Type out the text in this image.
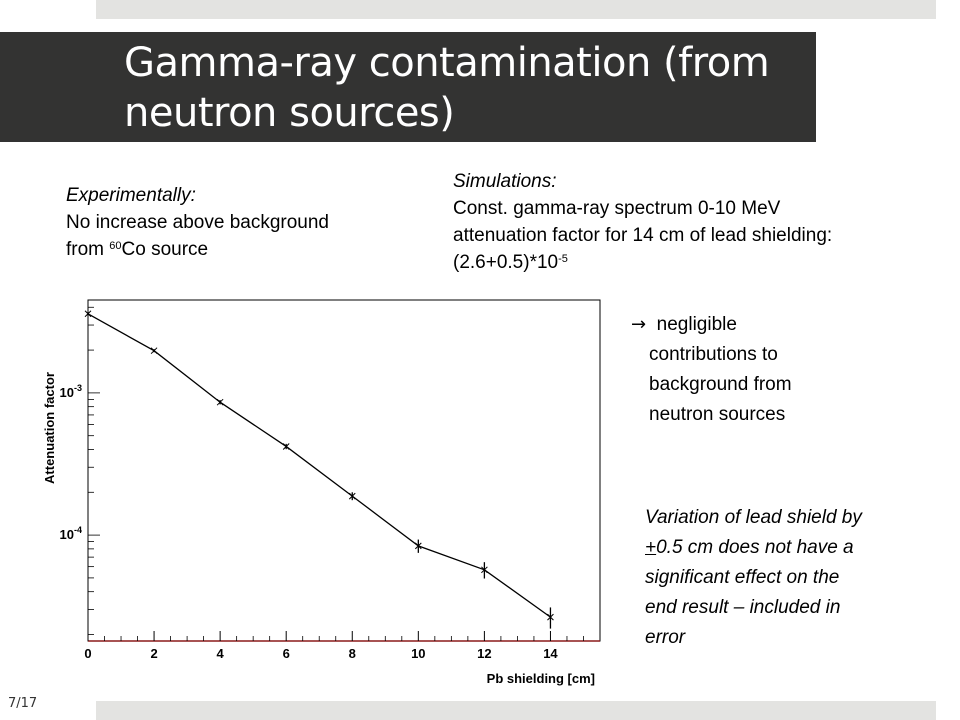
Gamma-ray contamination (from neutron sources)
Experimentally:
No increase above background
from $^{60}$Co source
Simulations:
Const. gamma-ray spectrum 0-10 MeV
attenuation factor for 14 cm of lead shielding:
$(2.6+0.5)*10^{-5}$
→ negligible
contributions to
background from
neutron sources
Variation of lead shield by
+0.5 cm does not have a
significant effect on the
end result – included in
error
0	2	4	6	8	10	12	14
$10^{-3}$
$10^{-4}$
Pb shielding [cm]
Attenuation factor
7/17
